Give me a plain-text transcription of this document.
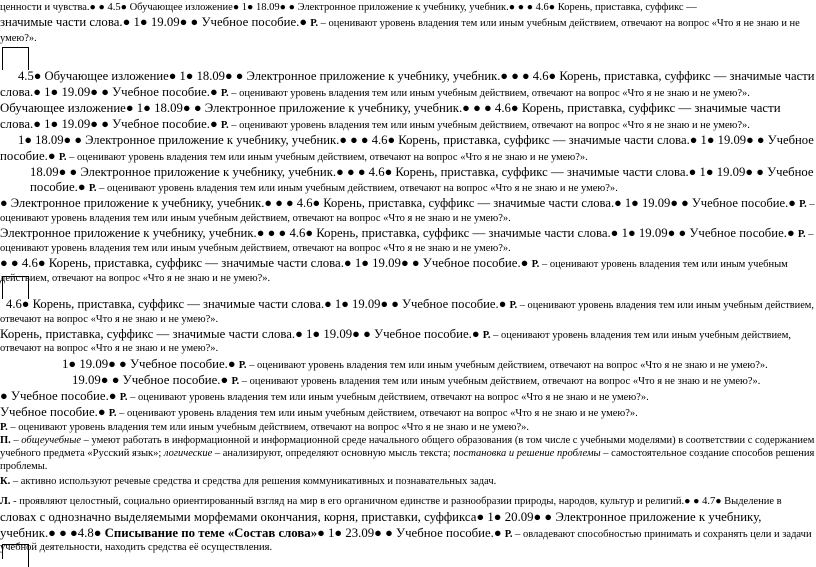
ценности и чувства.● ● 4.5● Обучающее изложение● 1● 18.09● ● Электронное приложение к учебнику, учебник.● ● ● 4.6● Корень, приставка, суффикс —
значимые части слова.● 1● 19.09● ● Учебное пособие.● Р. – оценивают уровень владения тем или иным учебным действием, отвечают на вопрос «Что я не знаю и не
умею?».
4.5● Обучающее изложение● 1● 18.09● ● Электронное приложение к учебнику, учебник.● ● ● 4.6● Корень, приставка, суффикс — значимые части
слова.● 1● 19.09● ● Учебное пособие.● Р. – оценивают уровень владения тем или иным учебным действием, отвечают на вопрос «Что я не знаю и не умею?».
Обучающее изложение● 1● 18.09● ● Электронное приложение к учебнику, учебник.● ● ● 4.6● Корень, приставка, суффикс — значимые части
слова.● 1● 19.09● ● Учебное пособие.● Р. – оценивают уровень владения тем или иным учебным действием, отвечают на вопрос «Что я не знаю и не умею?».
1● 18.09● ● Электронное приложение к учебнику, учебник.● ● ● 4.6● Корень, приставка, суффикс — значимые части слова.● 1● 19.09● ● Учебное
пособие.● Р. – оценивают уровень владения тем или иным учебным действием, отвечают на вопрос «Что я не знаю и не умею?».
18.09● ● Электронное приложение к учебнику, учебник.● ● ● 4.6● Корень, приставка, суффикс — значимые части слова.● 1● 19.09● ● Учебное
пособие.● Р. – оценивают уровень владения тем или иным учебным действием, отвечают на вопрос «Что я не знаю и не умею?».
● Электронное приложение к учебнику, учебник.● ● ● 4.6● Корень, приставка, суффикс — значимые части слова.● 1● 19.09● ● Учебное пособие.● Р. –
оценивают уровень владения тем или иным учебным действием, отвечают на вопрос «Что я не знаю и не умею?».
Электронное приложение к учебнику, учебник.● ● ● 4.6● Корень, приставка, суффикс — значимые части слова.● 1● 19.09● ● Учебное пособие.● Р. –
оценивают уровень владения тем или иным учебным действием, отвечают на вопрос «Что я не знаю и не умею?».
● ● 4.6● Корень, приставка, суффикс — значимые части слова.● 1● 19.09● ● Учебное пособие.● Р. – оценивают уровень владения тем или иным учебным
действием, отвечают на вопрос «Что я не знаю и не умею?».
4.6● Корень, приставка, суффикс — значимые части слова.● 1● 19.09● ● Учебное пособие.● Р. – оценивают уровень владения тем или иным учебным действием,
отвечают на вопрос «Что я не знаю и не умею?».
Корень, приставка, суффикс — значимые части слова.● 1● 19.09● ● Учебное пособие.● Р. – оценивают уровень владения тем или иным учебным действием,
отвечают на вопрос «Что я не знаю и не умею?».
1● 19.09● ● Учебное пособие.● Р. – оценивают уровень владения тем или иным учебным действием, отвечают на вопрос «Что я не знаю и не умею?».
19.09● ● Учебное пособие.● Р. – оценивают уровень владения тем или иным учебным действием, отвечают на вопрос «Что я не знаю и не умею?».
● Учебное пособие.● Р. – оценивают уровень владения тем или иным учебным действием, отвечают на вопрос «Что я не знаю и не умею?».
Учебное пособие.● Р. – оценивают уровень владения тем или иным учебным действием, отвечают на вопрос «Что я не знаю и не умею?».
Р. – оценивают уровень владения тем или иным учебным действием, отвечают на вопрос «Что я не знаю и не умею?».
П. – общеучебные – умеют работать в информационной и информационной среде начального общего образования (в том числе с учебными моделями) в соответствии с содержанием
учебного предмета «Русский язык»; логические – анализируют, определяют основную мысль текста; постановка и решение проблемы – самостоятельное создание способов решения
проблемы.
К. – активно используют речевые средства и средства для решения коммуникативных и познавательных задач.
Л. - проявляют целостный, социально ориентированный взгляд на мир в его органичном единстве и разнообразии природы, народов, культур и религий.● ● 4.7● Выделение в
словах с однозначно выделяемыми морфемами окончания, корня, приставки, суффикса● 1● 20.09● ● Электронное приложение к учебнику,
учебник.● ● ●4.8● Списывание по теме «Состав слова»● 1● 23.09● ● Учебное пособие.● Р. – овладевают способностью принимать и сохранять цели и задачи
учебной деятельности, находить средства её осуществления.
